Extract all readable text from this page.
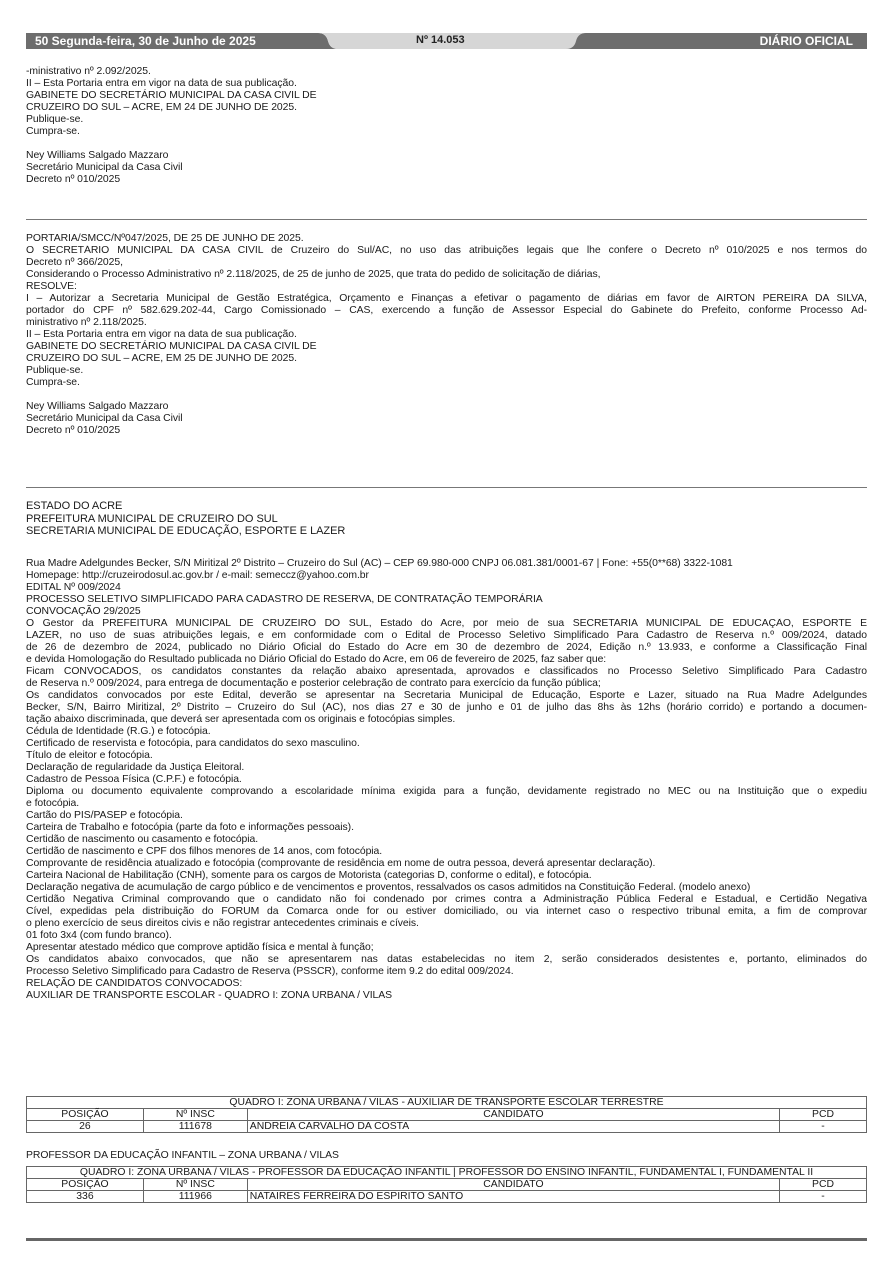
50 Segunda-feira, 30 de Junho de 2025	Nº 14.053	DIÁRIO OFICIAL
-ministrativo nº 2.092/2025.
II – Esta Portaria entra em vigor na data de sua publicação.
GABINETE DO SECRETÁRIO MUNICIPAL DA CASA CIVIL DE
CRUZEIRO DO SUL – ACRE, EM 24 DE JUNHO DE 2025.
Publique-se.
Cumpra-se.
Ney Williams Salgado Mazzaro
Secretário Municipal da Casa Civil
Decreto nº 010/2025
PORTARIA/SMCC/Nº047/2025, DE 25 DE JUNHO DE 2025.
O SECRETÁRIO MUNICIPAL DA CASA CIVIL de Cruzeiro do Sul/AC, no uso das atribuições legais que lhe confere o Decreto nº 010/2025 e nos termos do
Decreto nº 366/2025,
Considerando o Processo Administrativo nº 2.118/2025, de 25 de junho de 2025, que trata do pedido de solicitação de diárias,
RESOLVE:
I – Autorizar a Secretaria Municipal de Gestão Estratégica, Orçamento e Finanças a efetivar o pagamento de diárias em favor de AIRTON PEREIRA DA SILVA,
portador do CPF nº 582.629.202-44, Cargo Comissionado – CAS, exercendo a função de Assessor Especial do Gabinete do Prefeito, conforme Processo Ad-
ministrativo nº 2.118/2025.
II – Esta Portaria entra em vigor na data de sua publicação.
GABINETE DO SECRETÁRIO MUNICIPAL DA CASA CIVIL DE
CRUZEIRO DO SUL – ACRE, EM 25 DE JUNHO DE 2025.
Publique-se.
Cumpra-se.
Ney Williams Salgado Mazzaro
Secretário Municipal da Casa Civil
Decreto nº 010/2025
ESTADO DO ACRE
PREFEITURA MUNICIPAL DE CRUZEIRO DO SUL
SECRETARIA MUNICIPAL DE EDUCAÇÃO, ESPORTE E LAZER
Rua Madre Adelgundes Becker, S/N Miritizal 2º Distrito – Cruzeiro do Sul (AC) – CEP 69.980-000 CNPJ 06.081.381/0001-67 | Fone: +55(0**68) 3322-1081
Homepage: http://cruzeirodosul.ac.gov.br / e-mail: semeccz@yahoo.com.br
EDITAL Nº 009/2024
PROCESSO SELETIVO SIMPLIFICADO PARA CADASTRO DE RESERVA, DE CONTRATAÇÃO TEMPORÁRIA
CONVOCAÇÃO 29/2025
O Gestor da PREFEITURA MUNICIPAL DE CRUZEIRO DO SUL, Estado do Acre, por meio de sua SECRETARIA MUNICIPAL DE EDUCAÇÃO, ESPORTE E
LAZER, no uso de suas atribuições legais, e em conformidade com o Edital de Processo Seletivo Simplificado Para Cadastro de Reserva n.º 009/2024, datado
de 26 de dezembro de 2024, publicado no Diário Oficial do Estado do Acre em 30 de dezembro de 2024, Edição n.º 13.933, e conforme a Classificação Final
e devida Homologação do Resultado publicada no Diário Oficial do Estado do Acre, em 06 de fevereiro de 2025, faz saber que:
Ficam CONVOCADOS, os candidatos constantes da relação abaixo apresentada, aprovados e classificados no Processo Seletivo Simplificado Para Cadastro
de Reserva n.º 009/2024, para entrega de documentação e posterior celebração de contrato para exercício da função pública;
Os candidatos convocados por este Edital, deverão se apresentar na Secretaria Municipal de Educação, Esporte e Lazer, situado na Rua Madre Adelgundes
Becker, S/N, Bairro Miritizal, 2º Distrito – Cruzeiro do Sul (AC), nos dias 27 e 30 de junho e 01 de julho das 8hs às 12hs (horário corrido) e portando a documen-
tação abaixo discriminada, que deverá ser apresentada com os originais e fotocópias simples.
Cédula de Identidade (R.G.) e fotocópia.
Certificado de reservista e fotocópia, para candidatos do sexo masculino.
Título de eleitor e fotocópia.
Declaração de regularidade da Justiça Eleitoral.
Cadastro de Pessoa Física (C.P.F.) e fotocópia.
Diploma ou documento equivalente comprovando a escolaridade mínima exigida para a função, devidamente registrado no MEC ou na Instituição que o expediu
e fotocópia.
Cartão do PIS/PASEP e fotocópia.
Carteira de Trabalho e fotocópia (parte da foto e informações pessoais).
Certidão de nascimento ou casamento e fotocópia.
Certidão de nascimento e CPF dos filhos menores de 14 anos, com fotocópia.
Comprovante de residência atualizado e fotocópia (comprovante de residência em nome de outra pessoa, deverá apresentar declaração).
Carteira Nacional de Habilitação (CNH), somente para os cargos de Motorista (categorias D, conforme o edital), e fotocópia.
Declaração negativa de acumulação de cargo público e de vencimentos e proventos, ressalvados os casos admitidos na Constituição Federal. (modelo anexo)
Certidão Negativa Criminal comprovando que o candidato não foi condenado por crimes contra a Administração Pública Federal e Estadual, e Certidão Negativa
Cível, expedidas pela distribuição do FORUM da Comarca onde for ou estiver domiciliado, ou via internet caso o respectivo tribunal emita, a fim de comprovar
o pleno exercício de seus direitos civis e não registrar antecedentes criminais e cíveis.
01 foto 3x4 (com fundo branco).
Apresentar atestado médico que comprove aptidão física e mental à função;
Os candidatos abaixo convocados, que não se apresentarem nas datas estabelecidas no item 2, serão considerados desistentes e, portanto, eliminados do
Processo Seletivo Simplificado para Cadastro de Reserva (PSSCR), conforme item 9.2 do edital 009/2024.
RELAÇÃO DE CANDIDATOS CONVOCADOS:
AUXILIAR DE TRANSPORTE ESCOLAR - QUADRO I: ZONA URBANA / VILAS
QUADRO I: ZONA URBANA / VILAS - AUXILIAR DE TRANSPORTE ESCOLAR TERRESTRE			
POSIÇÃO	Nº INSC	CANDIDATO	PCD
26	111678	ANDREIA CARVALHO DA COSTA	-
PROFESSOR DA EDUCAÇÃO INFANTIL – ZONA URBANA / VILAS
QUADRO I: ZONA URBANA / VILAS - PROFESSOR DA EDUCAÇÃO INFANTIL | PROFESSOR DO ENSINO INFANTIL, FUNDAMENTAL I, FUNDAMENTAL II			
POSIÇÃO	Nº INSC	CANDIDATO	PCD
336	111966	NATAIRES FERREIRA DO ESPIRITO SANTO	-
